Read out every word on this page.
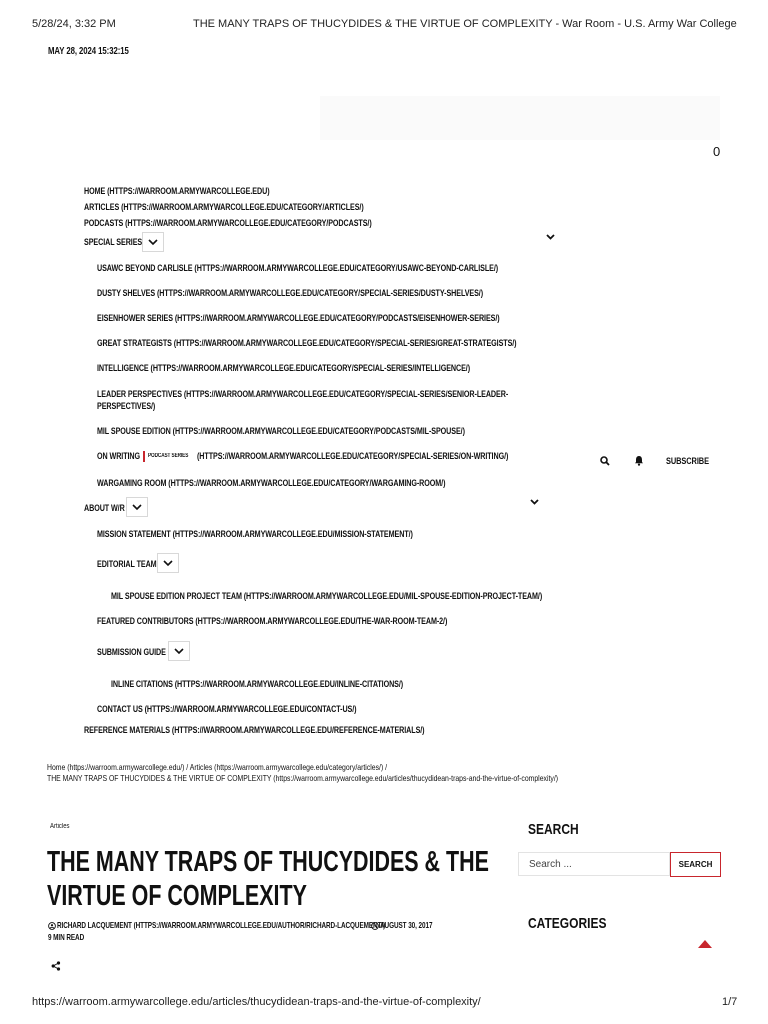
5/28/24, 3:32 PM	THE MANY TRAPS OF THUCYDIDES & THE VIRTUE OF COMPLEXITY - War Room - U.S. Army War College
MAY 28, 2024 15:32:15
0
HOME (HTTPS://WARROOM.ARMYWARCOLLEGE.EDU)
ARTICLES (HTTPS://WARROOM.ARMYWARCOLLEGE.EDU/CATEGORY/ARTICLES/)
PODCASTS (HTTPS://WARROOM.ARMYWARCOLLEGE.EDU/CATEGORY/PODCASTS/)
SPECIAL SERIES
USAWC BEYOND CARLISLE (HTTPS://WARROOM.ARMYWARCOLLEGE.EDU/CATEGORY/USAWC-BEYOND-CARLISLE/)
DUSTY SHELVES (HTTPS://WARROOM.ARMYWARCOLLEGE.EDU/CATEGORY/SPECIAL-SERIES/DUSTY-SHELVES/)
EISENHOWER SERIES (HTTPS://WARROOM.ARMYWARCOLLEGE.EDU/CATEGORY/PODCASTS/EISENHOWER-SERIES/)
GREAT STRATEGISTS (HTTPS://WARROOM.ARMYWARCOLLEGE.EDU/CATEGORY/SPECIAL-SERIES/GREAT-STRATEGISTS/)
INTELLIGENCE (HTTPS://WARROOM.ARMYWARCOLLEGE.EDU/CATEGORY/SPECIAL-SERIES/INTELLIGENCE/)
LEADER PERSPECTIVES (HTTPS://WARROOM.ARMYWARCOLLEGE.EDU/CATEGORY/SPECIAL-SERIES/SENIOR-LEADER-
PERSPECTIVES/)
MIL SPOUSE EDITION (HTTPS://WARROOM.ARMYWARCOLLEGE.EDU/CATEGORY/PODCASTS/MIL-SPOUSE/)
ON WRITING PODCAST SERIES (HTTPS://WARROOM.ARMYWARCOLLEGE.EDU/CATEGORY/SPECIAL-SERIES/ON-WRITING/)	SUBSCRIBE
WARGAMING ROOM (HTTPS://WARROOM.ARMYWARCOLLEGE.EDU/CATEGORY/WARGAMING-ROOM/)
ABOUT W/R
MISSION STATEMENT (HTTPS://WARROOM.ARMYWARCOLLEGE.EDU/MISSION-STATEMENT/)
EDITORIAL TEAM
MIL SPOUSE EDITION PROJECT TEAM (HTTPS://WARROOM.ARMYWARCOLLEGE.EDU/MIL-SPOUSE-EDITION-PROJECT-TEAM/)
FEATURED CONTRIBUTORS (HTTPS://WARROOM.ARMYWARCOLLEGE.EDU/THE-WAR-ROOM-TEAM-2/)
SUBMISSION GUIDE
INLINE CITATIONS (HTTPS://WARROOM.ARMYWARCOLLEGE.EDU/INLINE-CITATIONS/)
CONTACT US (HTTPS://WARROOM.ARMYWARCOLLEGE.EDU/CONTACT-US/)
REFERENCE MATERIALS (HTTPS://WARROOM.ARMYWARCOLLEGE.EDU/REFERENCE-MATERIALS/)
Home (https://warroom.armywarcollege.edu/) / Articles (https://warroom.armywarcollege.edu/category/articles/) /
THE MANY TRAPS OF THUCYDIDES & THE VIRTUE OF COMPLEXITY (https://warroom.armywarcollege.edu/articles/thucydidean-traps-and-the-virtue-of-complexity/)
Articles
THE MANY TRAPS OF THUCYDIDES & THE
VIRTUE OF COMPLEXITY
RICHARD LACQUEMENT (HTTPS://WARROOM.ARMYWARCOLLEGE.EDU/AUTHOR/RICHARD-LACQUEMENT/)
AUGUST 30, 2017
9 MIN READ
SEARCH
Search ...
SEARCH
CATEGORIES
https://warroom.armywarcollege.edu/articles/thucydidean-traps-and-the-virtue-of-complexity/	1/7
